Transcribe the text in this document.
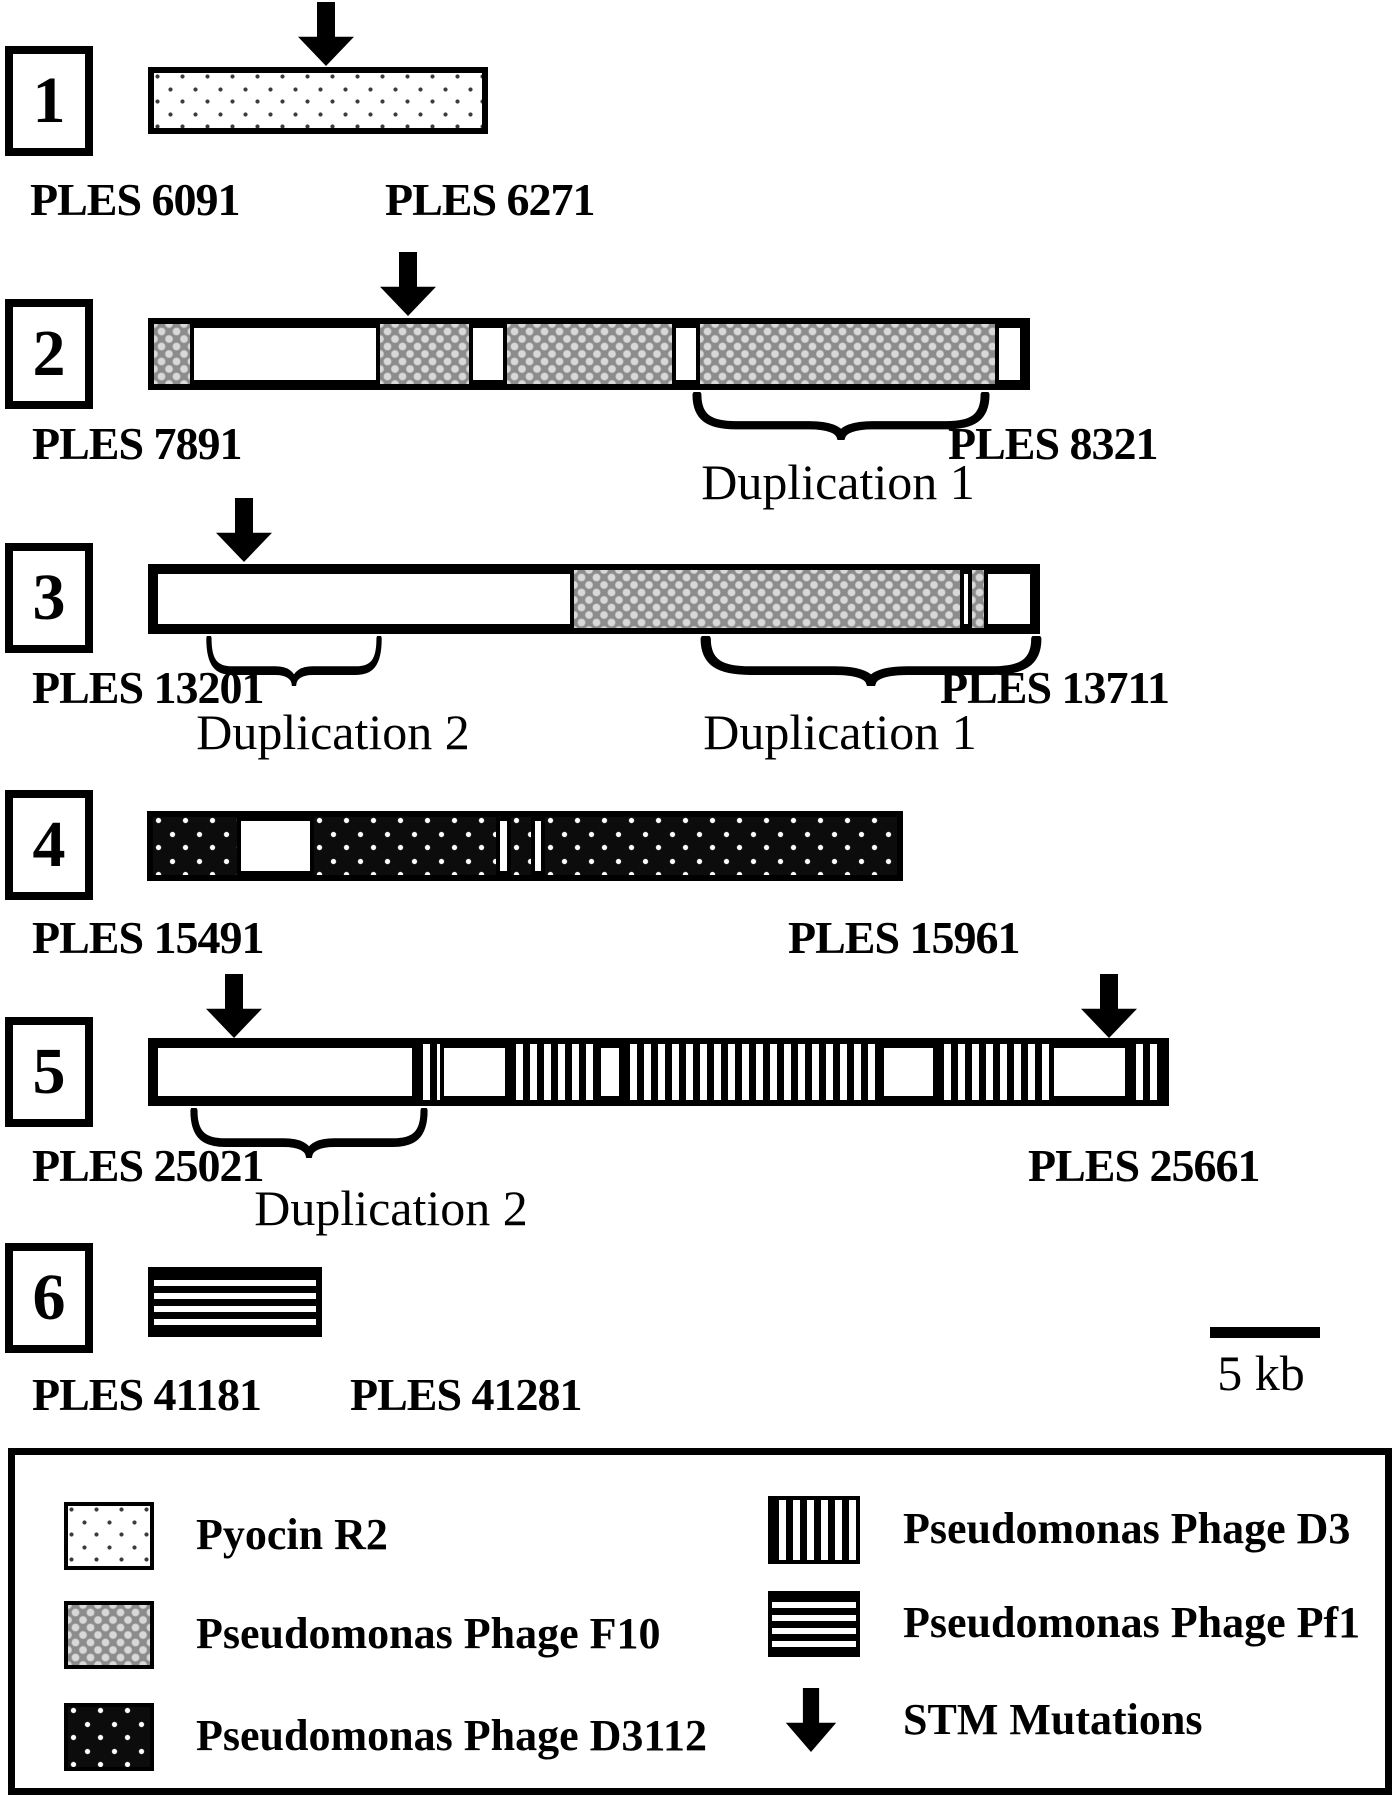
5 kb
1
PLES 6091	PLES 6271
2
PLES 7891	PLES 8321
Duplication 1
3
PLES 13201	PLES 13711
Duplication 2	Duplication 1
4
PLES 15491	PLES 15961
5
PLES 25021	PLES 25661
Duplication 2
6
PLES 41181 PLES 41281
Pyocin R2
Pseudomonas Phage F10
Pseudomonas Phage D3112
Pseudomonas Phage D3
Pseudomonas Phage Pf1
STM Mutations
